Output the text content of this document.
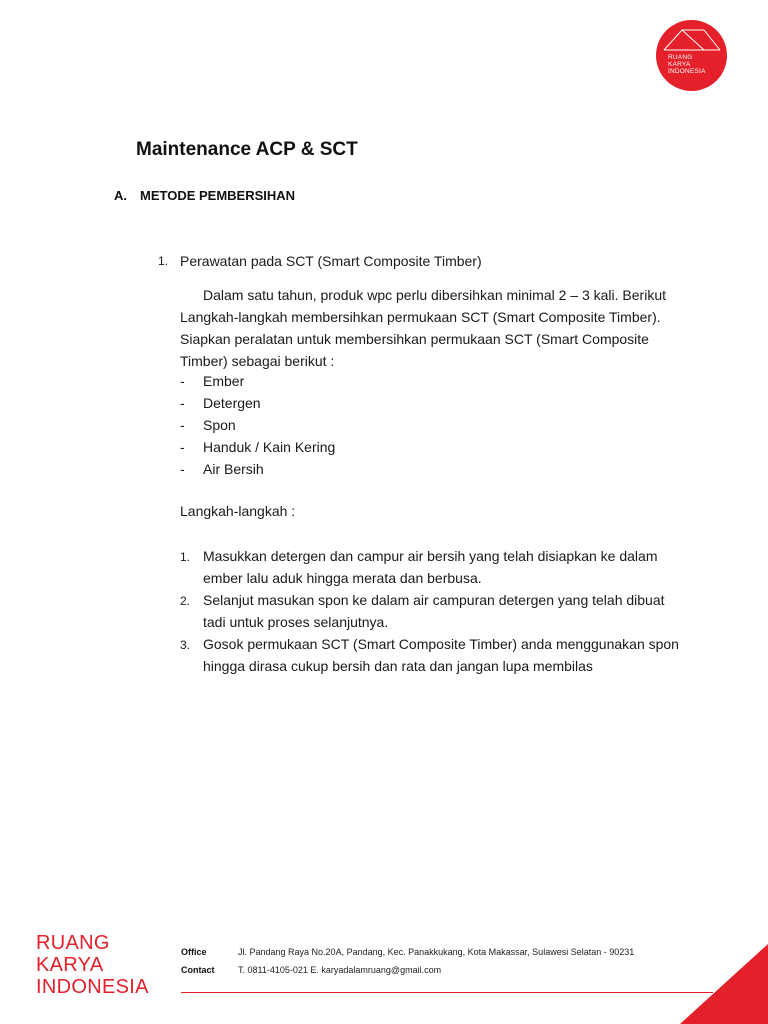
RUANG
KARYA
INDONESIA
Maintenance ACP & SCT
A. METODE PEMBERSIHAN
1. Perawatan pada SCT (Smart Composite Timber)
Dalam satu tahun, produk wpc perlu dibersihkan minimal 2 – 3 kali. Berikut Langkah-langkah membersihkan permukaan SCT (Smart Composite Timber). Siapkan peralatan untuk membersihkan permukaan SCT (Smart Composite Timber) sebagai berikut :
- Ember
- Detergen
- Spon
- Handuk / Kain Kering
- Air Bersih
Langkah-langkah :
1. Masukkan detergen dan campur air bersih yang telah disiapkan ke dalam ember lalu aduk hingga merata dan berbusa.
2. Selanjut masukan spon ke dalam air campuran detergen yang telah dibuat tadi untuk proses selanjutnya.
3. Gosok permukaan SCT (Smart Composite Timber) anda menggunakan spon hingga dirasa cukup bersih dan rata dan jangan lupa membilas
RUANG
KARYA
INDONESIA
Office	Jl. Pandang Raya No.20A, Pandang, Kec. Panakkukang, Kota Makassar, Sulawesi Selatan - 90231
Contact	T. 0811-4105-021 E. karyadalamruang@gmail.com
